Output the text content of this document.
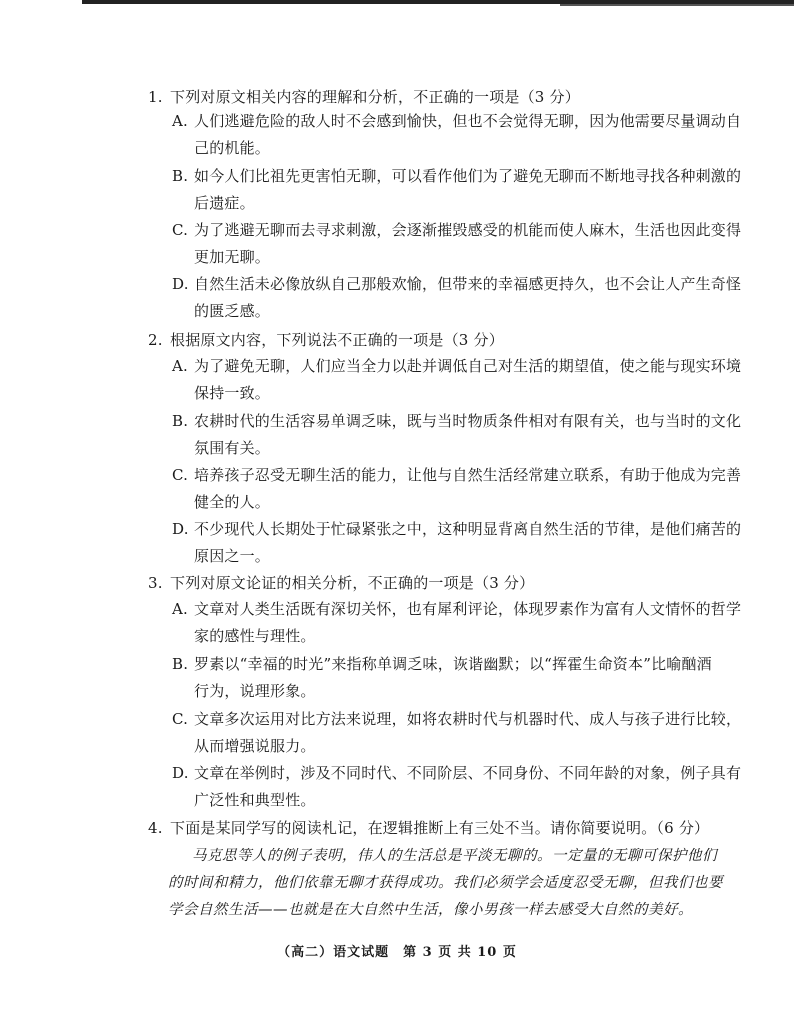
1. 下列对原文相关内容的理解和分析，不正确的一项是（3 分）
A. 人们逃避危险的敌人时不会感到愉快，但也不会觉得无聊，因为他需要尽量调动自
己的机能。
B. 如今人们比祖先更害怕无聊，可以看作他们为了避免无聊而不断地寻找各种刺激的
后遗症。
C. 为了逃避无聊而去寻求刺激，会逐渐摧毁感受的机能而使人麻木，生活也因此变得
更加无聊。
D. 自然生活未必像放纵自己那般欢愉，但带来的幸福感更持久，也不会让人产生奇怪
的匮乏感。
2. 根据原文内容，下列说法不正确的一项是（3 分）
A. 为了避免无聊，人们应当全力以赴并调低自己对生活的期望值，使之能与现实环境
保持一致。
B. 农耕时代的生活容易单调乏味，既与当时物质条件相对有限有关，也与当时的文化
氛围有关。
C. 培养孩子忍受无聊生活的能力，让他与自然生活经常建立联系，有助于他成为完善
健全的人。
D. 不少现代人长期处于忙碌紧张之中，这种明显背离自然生活的节律，是他们痛苦的
原因之一。
3. 下列对原文论证的相关分析，不正确的一项是（3 分）
A. 文章对人类生活既有深切关怀，也有犀利评论，体现罗素作为富有人文情怀的哲学
家的感性与理性。
B. 罗素以“幸福的时光”来指称单调乏味，诙谐幽默；以“挥霍生命资本”比喻酗酒
行为，说理形象。
C. 文章多次运用对比方法来说理，如将农耕时代与机器时代、成人与孩子进行比较，
从而增强说服力。
D. 文章在举例时，涉及不同时代、不同阶层、不同身份、不同年龄的对象，例子具有
广泛性和典型性。
4. 下面是某同学写的阅读札记，在逻辑推断上有三处不当。请你简要说明。（6 分）
马克思等人的例子表明，伟人的生活总是平淡无聊的。一定量的无聊可保护他们
的时间和精力，他们依靠无聊才获得成功。我们必须学会适度忍受无聊，但我们也要
学会自然生活——也就是在大自然中生活，像小男孩一样去感受大自然的美好。
（高二）语文试题　第 3 页 共 10 页
